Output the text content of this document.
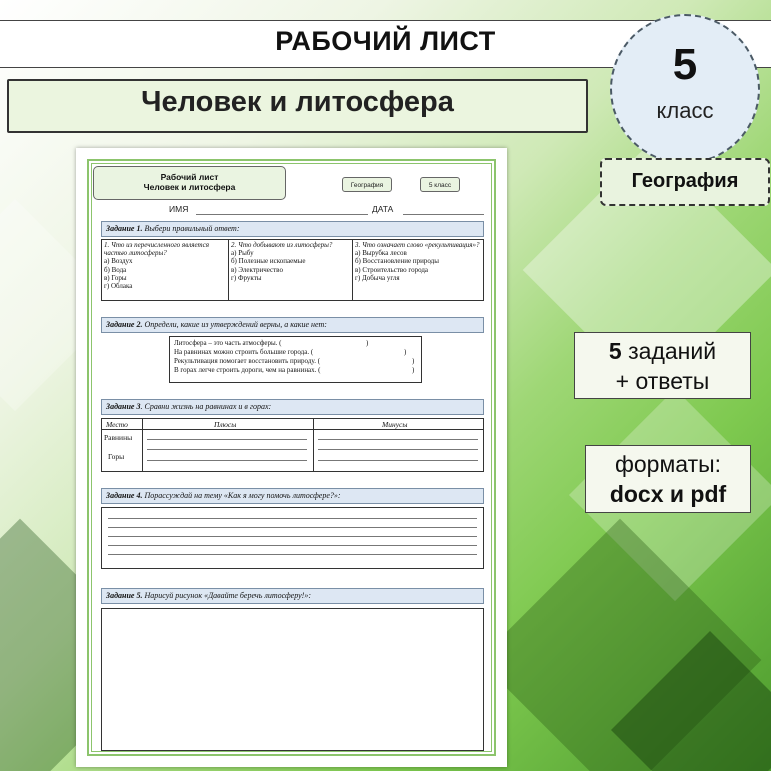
РАБОЧИЙ ЛИСТ
Человек и литосфера
5
класс
География
5 заданий
+ ответы
форматы:
docx и pdf
Рабочий лист
Человек и литосфера	География	5 класс
ИМЯ	ДАТА
Задание 1. Выбери правильный ответ:
1. Что из перечисленного является частью литосферы?
а) Воздух
б) Вода
в) Горы
г) Облака
2. Что добывают из литосферы?
а) Рыбу
б) Полезные ископаемые
в) Электричество
г) Фрукты
3. Что означает слово «рекультивация»?
а) Вырубка лесов
б) Восстановление природы
в) Строительство города
г) Добыча угля
Задание 2. Определи, какие из утверждений верны, а какие нет:
Литосфера – это часть атмосферы. (	)
На равнинах можно строить большие города. (	)
Рекультивация помогает восстановить природу. (	)
В горах легче строить дороги, чем на равнинах. (	)
Задание 3. Сравни жизнь на равнинах и в горах:
Место	Плюсы	Минусы
Равнины
Горы
Задание 4. Порассуждай на тему «Как я могу помочь литосфере?»:
Задание 5. Нарисуй рисунок «Давайте беречь литосферу!»:
